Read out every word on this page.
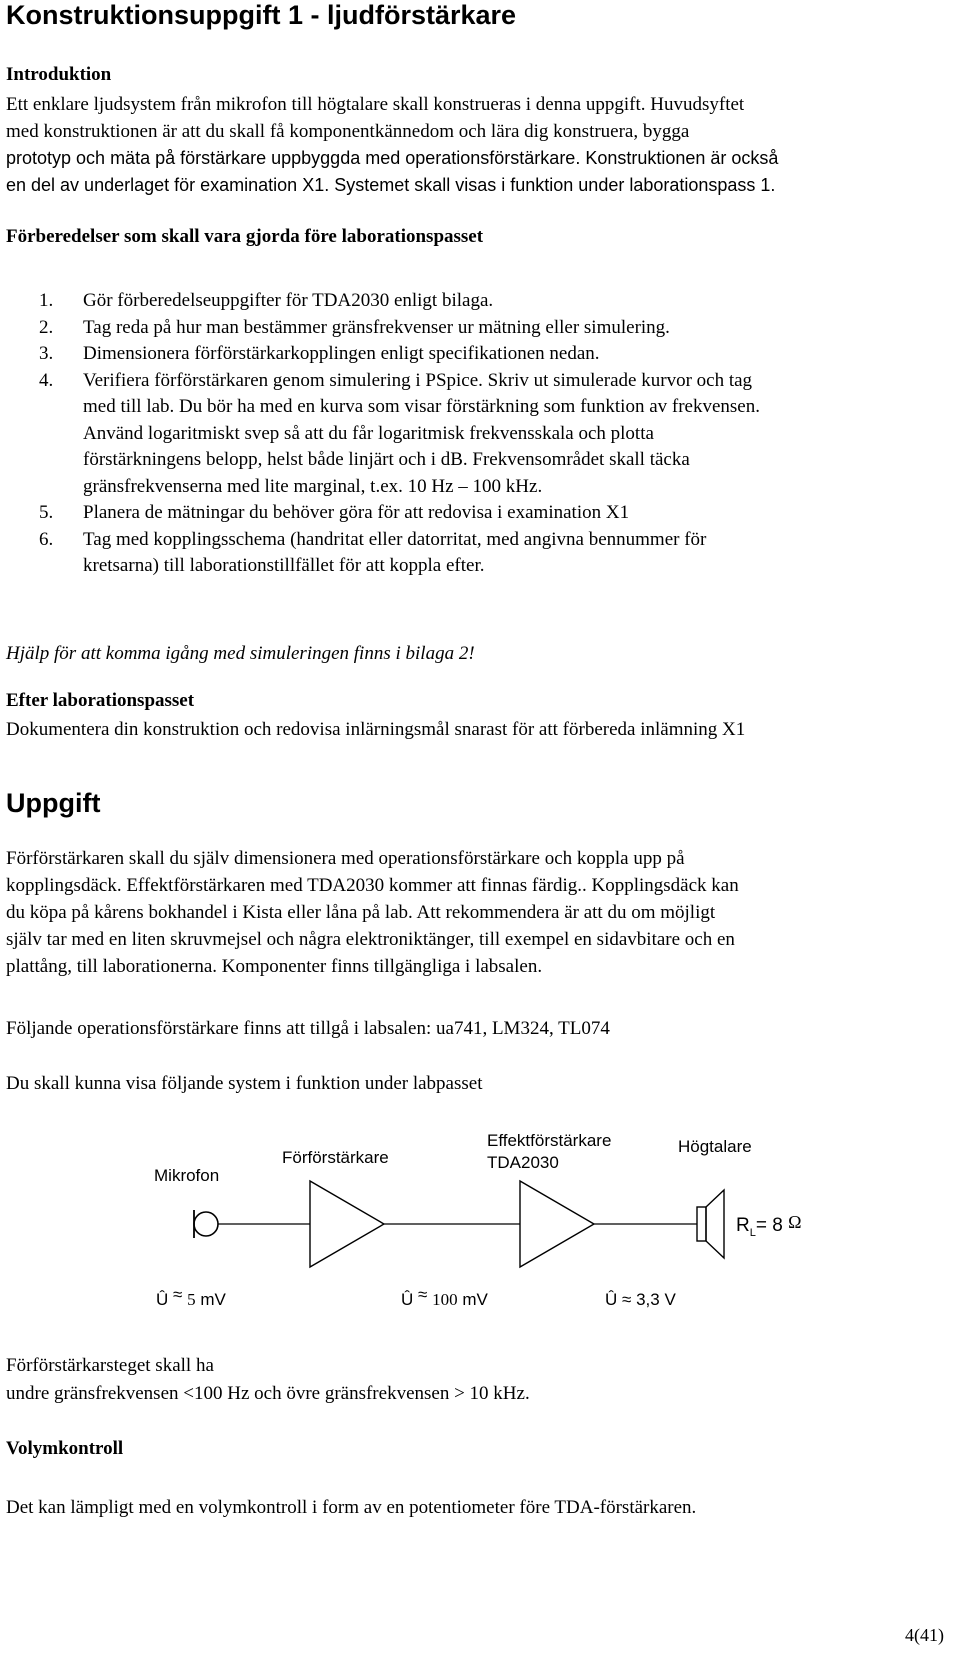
Konstruktionsuppgift 1 - ljudförstärkare
Introduktion
Ett enklare ljudsystem från mikrofon till högtalare skall konstrueras i denna uppgift. Huvudsyftet
med konstruktionen är att du skall få komponentkännedom och lära dig konstruera, bygga
prototyp och mäta på förstärkare uppbyggda med operationsförstärkare. Konstruktionen är också
en del av underlaget för examination X1. Systemet skall visas i funktion under laborationspass 1.
Förberedelser som skall vara gjorda före laborationspasset
1. Gör förberedelseuppgifter för TDA2030 enligt bilaga.
2. Tag reda på hur man bestämmer gränsfrekvenser ur mätning eller simulering.
3. Dimensionera förförstärkarkopplingen enligt specifikationen nedan.
4. Verifiera förförstärkaren genom simulering i PSpice. Skriv ut simulerade kurvor och tag
med till lab. Du bör ha med en kurva som visar förstärkning som funktion av frekvensen.
Använd logaritmiskt svep så att du får logaritmisk frekvensskala och plotta
förstärkningens belopp, helst både linjärt och i dB. Frekvensområdet skall täcka
gränsfrekvenserna med lite marginal, t.ex. 10 Hz – 100 kHz.
5. Planera de mätningar du behöver göra för att redovisa i examination X1
6. Tag med kopplingsschema (handritat eller datorritat, med angivna bennummer för
kretsarna) till laborationstillfället för att koppla efter.

Hjälp för att komma igång med simuleringen finns i bilaga 2!

Efter laborationspasset

Dokumentera din konstruktion och redovisa inlärningsmål snarast för att förbereda inlämning X1

Uppgift
Förförstärkaren skall du själv dimensionera med operationsförstärkare och koppla upp på
kopplingsdäck. Effektförstärkaren med TDA2030 kommer att finnas färdig.. Kopplingsdäck kan
du köpa på kårens bokhandel i Kista eller låna på lab. Att rekommendera är att du om möjligt
själv tar med en liten skruvmejsel och några elektroniktänger, till exempel en sidavbitare och en
plattång, till laborationerna. Komponenter finns tillgängliga i labsalen.

Följande operationsförstärkare finns att tillgå i labsalen: ua741, LM324, TL074

Du skall kunna visa följande system i funktion under labpasset

Mikrofon
Förförstärkare
Effektförstärkare
TDA2030
Högtalare
$R_L= 8$ Ω
Û ≈ 5 mV	Û ≈ 100 mV	Û ≈ 3,3 V
Förförstärkarsteget skall ha
undre gränsfrekvensen <100 Hz och övre gränsfrekvensen > 10 kHz.
Volymkontroll

Det kan lämpligt med en volymkontroll i form av en potentiometer före TDA-förstärkaren.

4(41)
